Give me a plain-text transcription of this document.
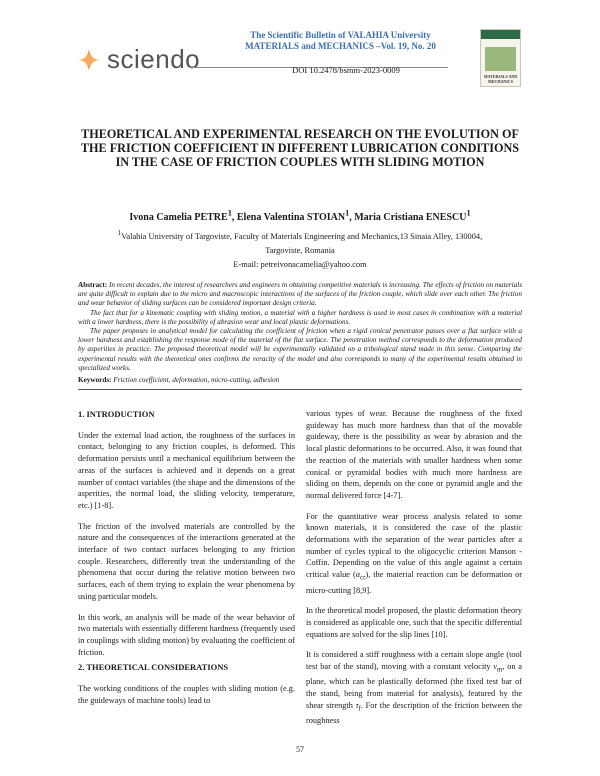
sciendo
The Scientific Bulletin of VALAHIA University
MATERIALS and MECHANICS –Vol. 19, No. 20
DOI 10.2478/bsmm-2023-0009
MATERIALS AND MECHANICS
THEORETICAL AND EXPERIMENTAL RESEARCH ON THE EVOLUTION OF THE FRICTION COEFFICIENT IN DIFFERENT LUBRICATION CONDITIONS IN THE CASE OF FRICTION COUPLES WITH SLIDING MOTION
Ivona Camelia PETRE$^1$, Elena Valentina STOIAN$^1$, Maria Cristiana ENESCU$^1$
$^1$Valahia University of Targoviste, Faculty of Materials Engineering and Mechanics,13 Sinaia Alley, 130004,
Targoviste, Romania
E-mail: petreivonacamelia@yahoo.com

Abstract: In recent decades, the interest of researchers and engineers in obtaining competitive materials is increasing. The effects of friction on materials are quite difficult to explain due to the micro and macroscopic interactions of the surfaces of the friction couple, which slide over each other. The friction and wear behavior of sliding surfaces can be considered important design criteria.

The fact that for a kinematic coupling with sliding motion, a material with a higher hardness is used in most cases in combination with a material with a lower hardness, there is the possibility of abrasion wear and local plastic deformations.

The paper proposes in analytical model for calculating the coefficient of friction when a rigid conical penetrator passes over a flat surface with a lower hardness and establishing the response mode of the material of the flat surface. The penetration method corresponds to the deformation produced by asperities in practice. The proposed theoretical model will be experimentally validated on a tribological stand made in this sense. Comparing the experimental results with the theoretical ones confirms the veracity of the model and also corresponds to many of the experimental results obtained in specialized works.

Keywords: Friction coefficient, deformation, micro-cutting, adhesion
1. INTRODUCTION

Under the external load action, the roughness of the surfaces in contact, belonging to any friction couples, is deformed. This deformation persists until a mechanical equilibrium between the areas of the surfaces is achieved and it depends on a great number of contact variables (the shape and the dimensions of the asperities, the normal load, the sliding velocity, temperature, etc.) [1-8].

The friction of the involved materials are controlled by the nature and the consequences of the interactions generated at the interface of two contact surfaces belonging to any friction couple. Researchers, differently treat the understanding of the phenomena that occur during the relative motion between two surfaces, each of them trying to explain the wear phenomena by using particular models.

In this work, an analysis will be made of the wear behavior of two materials with essentially different hardness (frequently used in couplings with sliding motion) by evaluating the coefficient of friction.

2. THEORETICAL CONSIDERATIONS

The working conditions of the couples with sliding motion (e.g. the guideways of machine tools) lead to

various types of wear. Because the roughness of the fixed guideway has much more hardness than that of the movable guideway, there is the possibility as wear by abrasion and the local plastic deformations to be occurred. Also, it was found that the reaction of the materials with smaller hardness when some conical or pyramidal bodies with much more hardness are sliding on them, depends on the cone or pyramid angle and the normal delivered force [4-7].

For the quantitative wear process analysis related to some known materials, it is considered the case of the plastic deformations with the separation of the wear particles after a number of cycles typical to the oligocyclic criterion Manson - Coffin. Depending on the value of this angle against a certain critical value $(\alpha_{cr})$, the material reaction can be deformation or micro-cutting [8,9].

In the theoretical model proposed, the plastic deformation theory is considered as applicable one, such that the specific differential equations are solved for the slip lines [10].

It is considered a stiff roughness with a certain slope angle (tool test bar of the stand), moving with a constant velocity $v_m$, on a plane, which can be plastically deformed (the fixed test bar of the stand, being from material for analysis), featured by the shear strength $\tau_f$. For the description of the friction between the roughness

57
